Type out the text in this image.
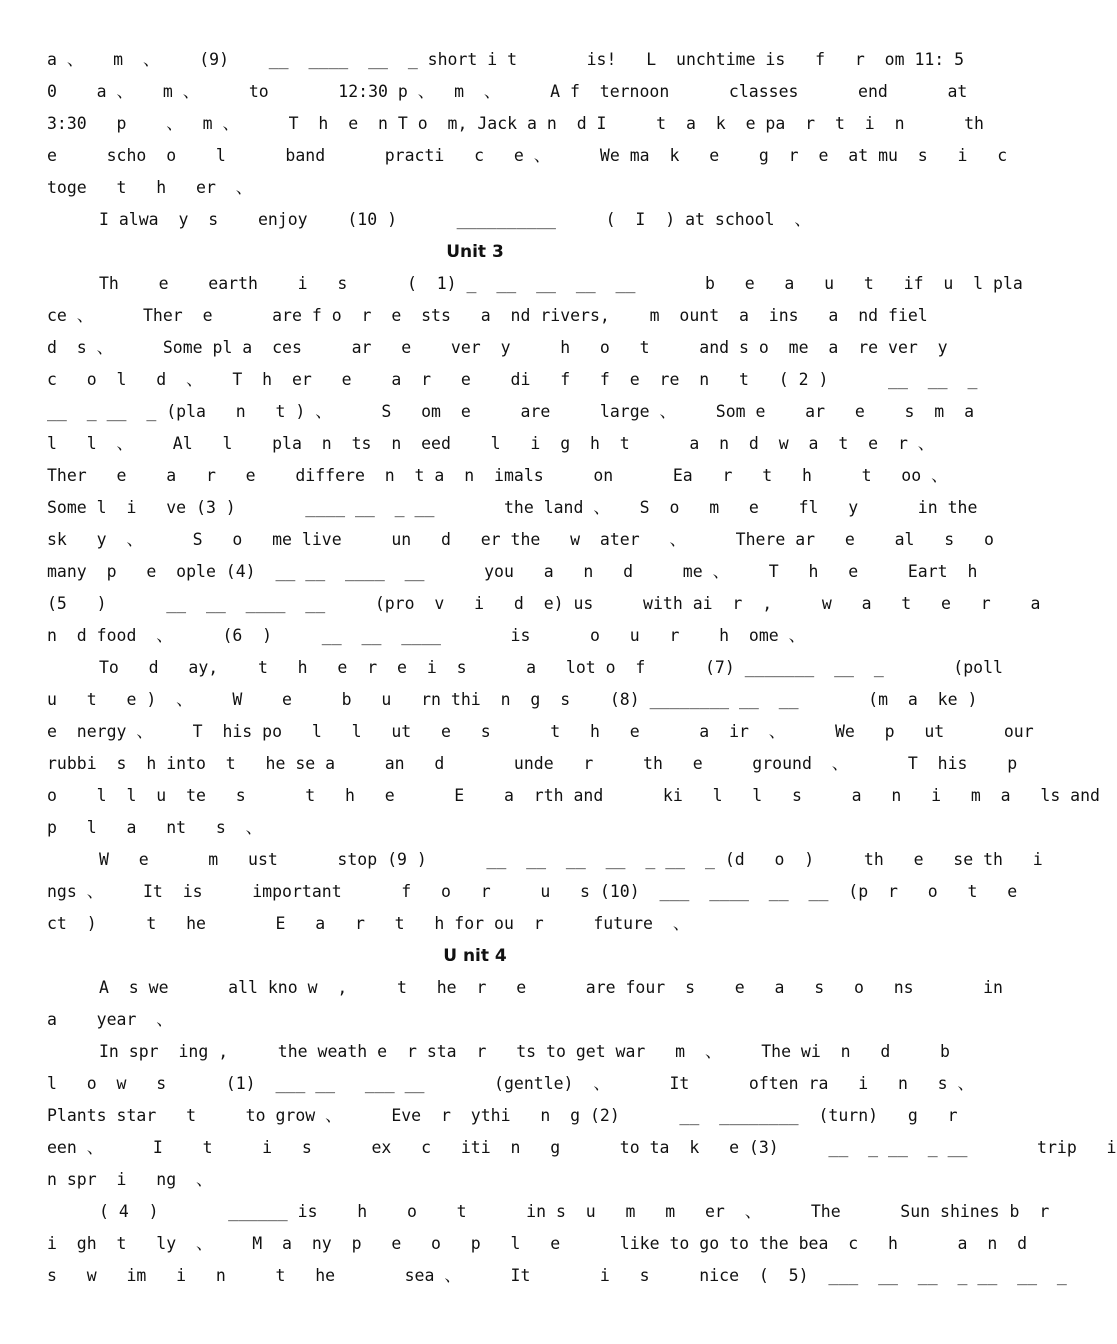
a 、   m  、    (9)    __  ____  __  _ short i t       is!   L  unchtime is   f   r  om 11: 5
0    a 、   m 、     to       12:30 p 、  m  、     A f  ternoon      classes      end      at
3:30   p    、  m 、     T  h  e  n T o  m, Jack a n  d I     t  a  k  e pa  r  t  i  n      th
e     scho  o    l      band      practi   c   e 、     We ma  k   e    g  r  e  at mu  s   i   c
toge   t   h   er  、
I alwa  y  s    enjoy    (10 )      __________     (  I  ) at school  、
Unit 3
Th    e    earth    i   s      (  1) _  __  __  __  __       b   e   a   u   t   if  u  l pla
ce 、     Ther  e      are f o  r  e  sts   a  nd rivers,    m  ount  a  ins   a  nd fiel
d  s 、     Some pl a  ces     ar   e    ver  y     h   o   t     and s o  me  a  re ver  y
c   o  l   d  、   T  h  er   e    a  r   e    di   f   f  e  re  n   t   ( 2 )      __  __  _
__  _ __  _ (pla   n   t ) 、     S   om  e     are     large 、    Som e    ar   e    s  m  a
l   l  、    Al   l    pla  n  ts  n  eed    l   i  g  h  t      a  n  d  w  a  t  e  r 、
Ther   e    a   r   e    differe  n  t a  n  imals     on      Ea   r   t   h     t   oo 、
Some l  i   ve (3 )       ____ __  _ __       the land 、   S  o   m   e    fl   y      in the
sk   y  、     S   o   me live     un   d   er the   w  ater   、     There ar   e    al   s   o
many  p   e  ople (4)  __ __  ____  __      you   a   n   d     me 、    T   h   e     Eart  h
(5   )      __  __  ____  __     (pro  v   i   d  e) us     with ai  r  ,     w   a   t   e   r    a
n  d food  、     (6  )     __  __  ____       is      o   u   r    h  ome 、
To   d   ay,    t   h   e  r  e  i  s      a   lot o  f      (7) _______  __  _       (poll
u   t   e )  、    W    e     b   u   rn thi  n  g  s    (8) ________ __  __       (m  a  ke )
e  nergy 、    T  his po   l   l   ut   e   s      t   h   e      a  ir  、     We   p   ut      our
rubbi  s  h into  t   he se a     an   d       unde   r     th   e     ground  、      T  his    p
o    l  l  u  te   s      t   h   e      E    a  rth and      ki   l   l   s     a   n   i   m  a   ls and
p   l   a   nt   s  、
W   e      m   ust      stop (9 )      __  __  __  __  _ __  _ (d   o  )     th   e   se th   i
ngs 、    It  is     important      f   o   r     u   s (10)  ___  ____  __  __  (p  r   o   t   e
ct  )     t   he       E   a   r   t   h for ou  r     future  、
U nit 4
A  s we      all kno w  ,     t   he  r   e      are four  s    e   a   s   o   ns       in
a    year  、
In spr  ing ,     the weath e  r sta  r   ts to get war   m  、    The wi  n   d     b
l   o  w   s      (1)  ___ __   ___ __       (gentle)  、      It      often ra   i   n   s 、
Plants star   t     to grow 、     Eve  r  ythi   n  g (2)      __  ________  (turn)   g   r
een 、     I    t     i   s      ex   c   iti  n   g      to ta  k   e (3)     __  _ __  _ __       trip   i
n spr  i   ng  、
( 4  )       ______ is    h    o    t      in s  u   m   m   er  、     The      Sun shines b  r
i  gh  t   ly  、    M  a  ny  p   e   o   p   l   e      like to go to the bea  c   h      a  n  d
s   w   im   i   n     t   he       sea 、     It       i   s     nice  (  5)  ___  __  __  _ __  __  _
